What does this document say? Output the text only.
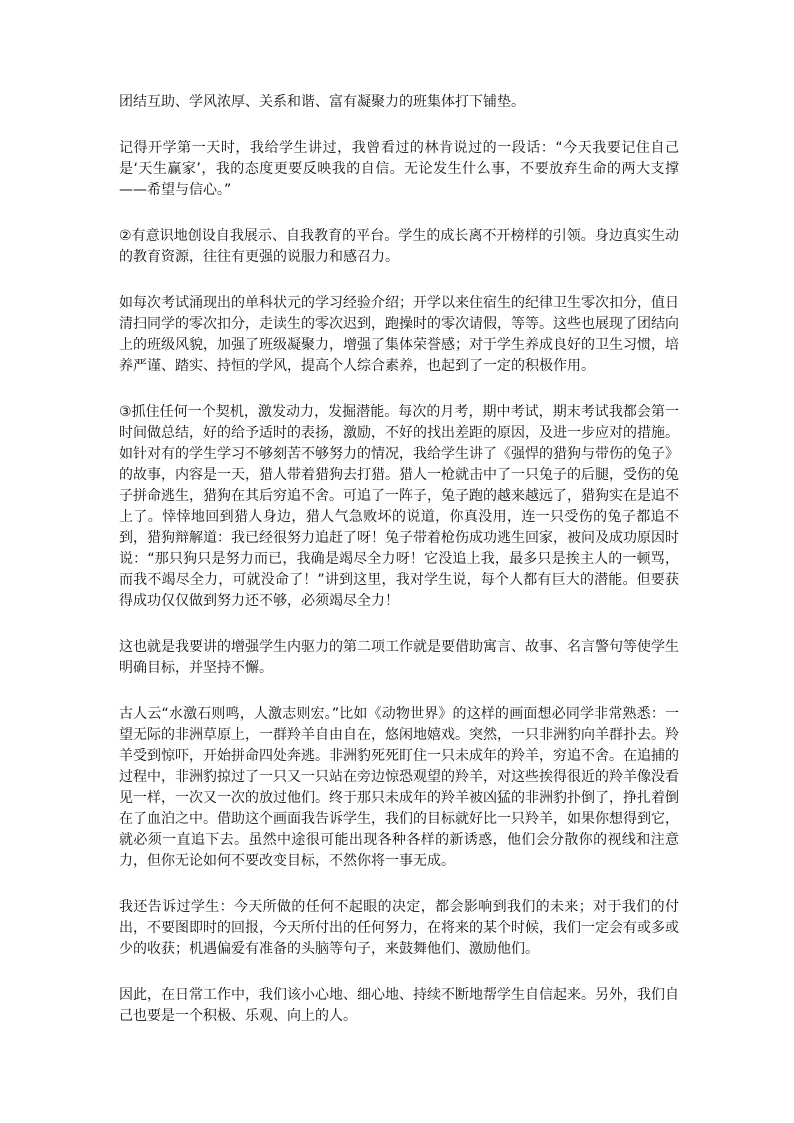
团结互助、学风浓厚、关系和谐、富有凝聚力的班集体打下铺垫。

记得开学第一天时，我给学生讲过，我曾看过的林肯说过的一段话：“今天我要记住自己是‘天生赢家’，我的态度更要反映我的自信。无论发生什么事，不要放弃生命的两大支撑——希望与信心。”

②有意识地创设自我展示、自我教育的平台。学生的成长离不开榜样的引领。身边真实生动的教育资源，往往有更强的说服力和感召力。

如每次考试涌现出的单科状元的学习经验介绍；开学以来住宿生的纪律卫生零次扣分，值日清扫同学的零次扣分，走读生的零次迟到，跑操时的零次请假，等等。这些也展现了团结向上的班级风貌，加强了班级凝聚力，增强了集体荣誉感；对于学生养成良好的卫生习惯，培养严谨、踏实、持恒的学风，提高个人综合素养，也起到了一定的积极作用。

③抓住任何一个契机，激发动力，发掘潜能。每次的月考，期中考试，期末考试我都会第一时间做总结，好的给予适时的表扬，激励，不好的找出差距的原因，及进一步应对的措施。如针对有的学生学习不够刻苦不够努力的情况，我给学生讲了《强悍的猎狗与带伤的兔子》的故事，内容是一天，猎人带着猎狗去打猎。猎人一枪就击中了一只兔子的后腿，受伤的兔子拼命逃生，猎狗在其后穷追不舍。可追了一阵子，兔子跑的越来越远了，猎狗实在是追不上了。悻悻地回到猎人身边，猎人气急败坏的说道，你真没用，连一只受伤的兔子都追不到，猎狗辩解道：我已经很努力追赶了呀！兔子带着枪伤成功逃生回家，被问及成功原因时说：“那只狗只是努力而已，我确是竭尽全力呀！它没追上我，最多只是挨主人的一顿骂，而我不竭尽全力，可就没命了！”讲到这里，我对学生说，每个人都有巨大的潜能。但要获得成功仅仅做到努力还不够，必须竭尽全力！

这也就是我要讲的增强学生内驱力的第二项工作就是要借助寓言、故事、名言警句等使学生明确目标，并坚持不懈。

古人云“水激石则鸣，人激志则宏。”比如《动物世界》的这样的画面想必同学非常熟悉：一望无际的非洲草原上，一群羚羊自由自在，悠闲地嬉戏。突然，一只非洲豹向羊群扑去。羚羊受到惊吓，开始拼命四处奔逃。非洲豹死死盯住一只未成年的羚羊，穷追不舍。在追捕的过程中，非洲豹掠过了一只又一只站在旁边惊恐观望的羚羊，对这些挨得很近的羚羊像没看见一样，一次又一次的放过他们。终于那只未成年的羚羊被凶猛的非洲豹扑倒了，挣扎着倒在了血泊之中。借助这个画面我告诉学生，我们的目标就好比一只羚羊，如果你想得到它，就必须一直追下去。虽然中途很可能出现各种各样的新诱惑，他们会分散你的视线和注意力，但你无论如何不要改变目标，不然你将一事无成。

我还告诉过学生：今天所做的任何不起眼的决定，都会影响到我们的未来；对于我们的付出，不要图即时的回报，今天所付出的任何努力，在将来的某个时候，我们一定会有或多或少的收获；机遇偏爱有准备的头脑等句子，来鼓舞他们、激励他们。

因此，在日常工作中，我们该小心地、细心地、持续不断地帮学生自信起来。另外，我们自己也要是一个积极、乐观、向上的人。
